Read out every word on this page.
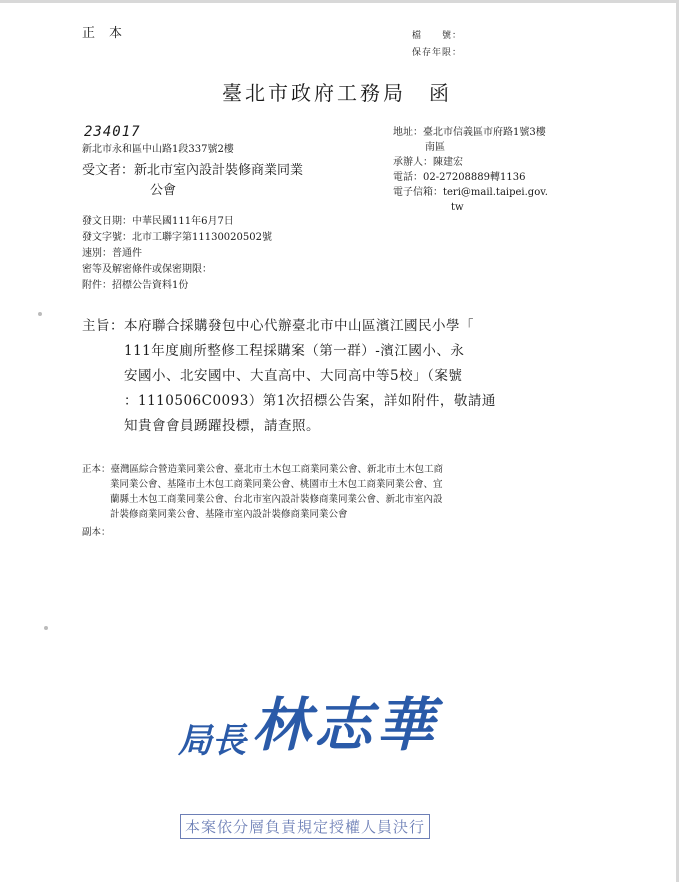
正本	檔　　號：
保存年限：
臺北市政府工務局　函
234017
新北市永和區中山路1段337號2樓
受文者：新北市室內設計裝修商業同業
公會
地址：臺北市信義區市府路1號3樓
南區
承辦人：陳建宏
電話：02-27208889轉1136
電子信箱：teri@mail.taipei.gov.
tw
發文日期：中華民國111年6月7日
發文字號：北市工聯字第11130020502號
速別：普通件
密等及解密條件或保密期限：
附件：招標公告資料1份
主旨：本府聯合採購發包中心代辦臺北市中山區濱江國民小學「
111年度廁所整修工程採購案（第一群）-濱江國小、永
安國小、北安國中、大直高中、大同高中等5校」（案號
：1110506C0093）第1次招標公告案，詳如附件，敬請通
知貴會會員踴躍投標，請查照。
正本：臺灣區綜合營造業同業公會、臺北市土木包工商業同業公會、新北市土木包工商
業同業公會、基隆市土木包工商業同業公會、桃園市土木包工商業同業公會、宜
蘭縣土木包工商業同業公會、台北市室內設計裝修商業同業公會、新北市室內設
計裝修商業同業公會、基隆市室內設計裝修商業同業公會
副本：
局長 林志華
本案依分層負責規定授權人員決行
